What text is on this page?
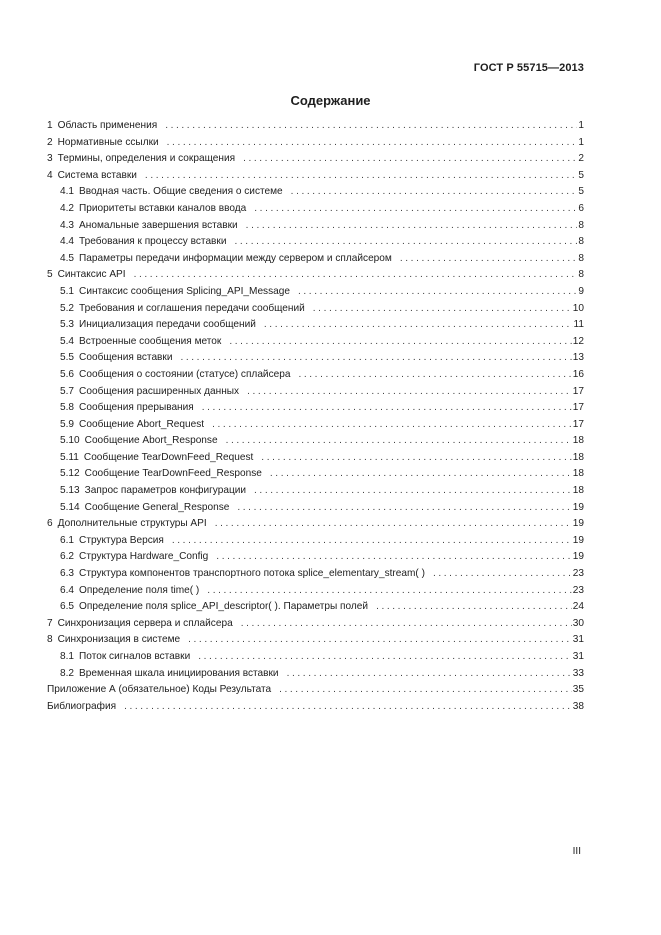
ГОСТ Р 55715—2013
Содержание
1 Область применения .....	1
2 Нормативные ссылки .....	1
3 Термины, определения и сокращения .....	2
4 Система вставки .....	5
4.1 Вводная часть. Общие сведения о системе .....	5
4.2 Приоритеты вставки каналов ввода .....	6
4.3 Аномальные завершения вставки .....	8
4.4 Требования к процессу вставки .....	8
4.5 Параметры передачи информации между сервером и сплайсером .....	8
5 Синтаксис API .....	8
5.1 Синтаксис сообщения Splicing_API_Message .....	9
5.2 Требования и соглашения передачи сообщений .....	10
5.3 Инициализация передачи сообщений .....	11
5.4 Встроенные сообщения меток .....	12
5.5 Сообщения вставки .....	13
5.6 Сообщения о состоянии (статусе) сплайсера .....	16
5.7 Сообщения расширенных данных .....	17
5.8 Сообщения прерывания .....	17
5.9 Сообщение Abort_Request .....	17
5.10 Сообщение Abort_Response .....	18
5.11 Сообщение TearDownFeed_Request .....	18
5.12 Сообщение TearDownFeed_Response .....	18
5.13 Запрос параметров конфигурации .....	18
5.14 Сообщение General_Response .....	19
6 Дополнительные структуры API .....	19
6.1 Структура Версия .....	19
6.2 Структура Hardware_Config .....	19
6.3 Структура компонентов транспортного потока splice_elementary_stream( ) .....	23
6.4 Определение поля time( ) .....	23
6.5 Определение поля splice_API_descriptor( ). Параметры полей .....	24
7 Синхронизация сервера и сплайсера .....	30
8 Синхронизация в системе .....	31
8.1 Поток сигналов вставки .....	31
8.2 Временная шкала инициирования вставки .....	33
Приложение А (обязательное) Коды Результата .....	35
Библиография .....	38
III
